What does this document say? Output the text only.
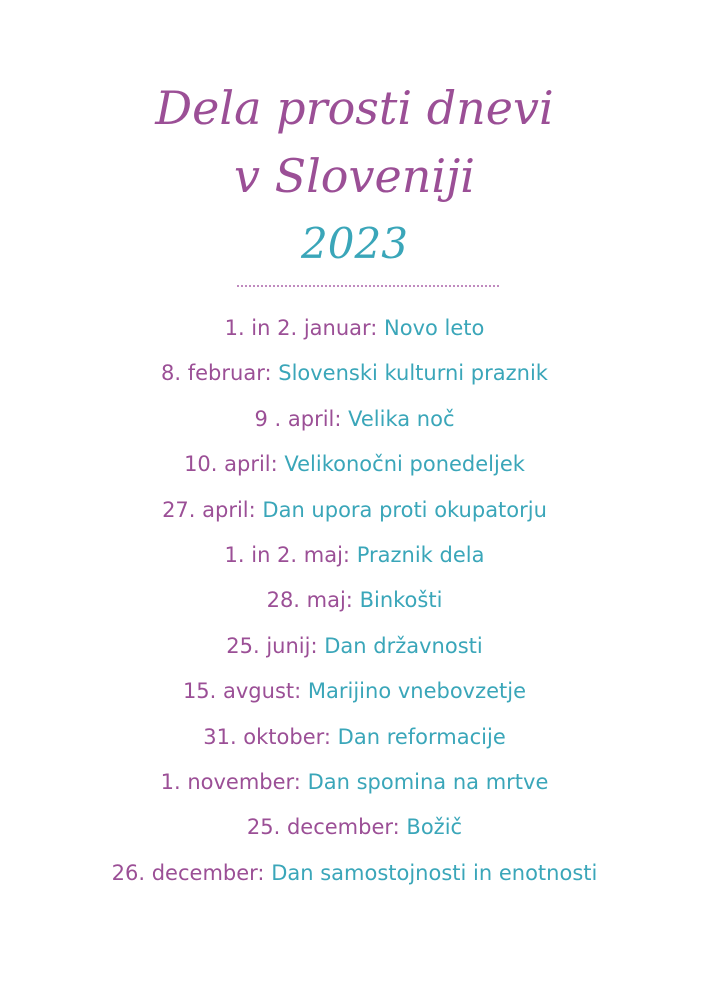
Dela prosti dnevi
v Sloveniji
2023
1. in 2. januar: Novo leto
8. februar: Slovenski kulturni praznik
9 . april: Velika noč
10. april: Velikonočni ponedeljek
27. april: Dan upora proti okupatorju
1. in 2. maj: Praznik dela
28. maj: Binkošti
25. junij: Dan državnosti
15. avgust: Marijino vnebovzetje
31. oktober: Dan reformacije
1. november: Dan spomina na mrtve
25. december: Božič
26. december: Dan samostojnosti in enotnosti
